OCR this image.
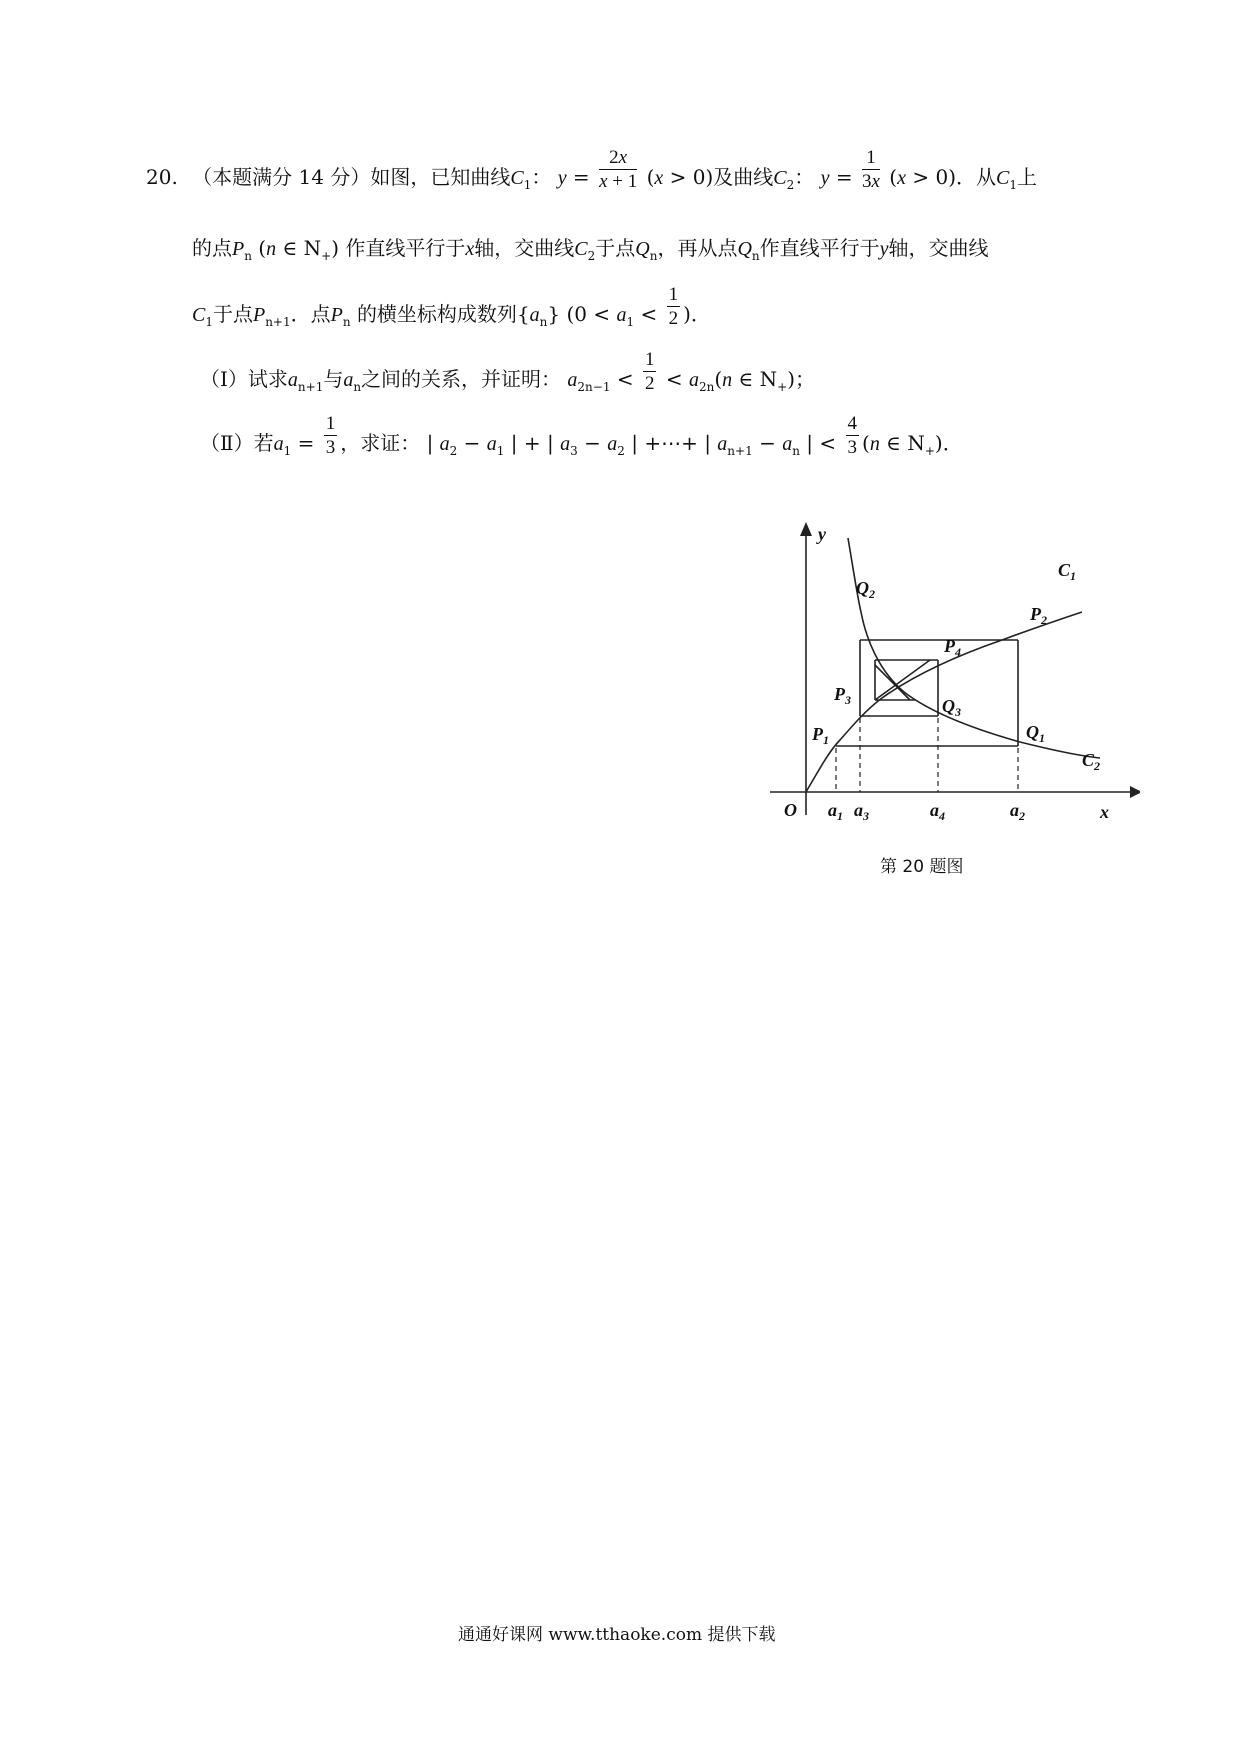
20. （本题满分 14 分）如图，已知曲线$C_1$： $y = \frac{2x}{x + 1} (x > 0)$及曲线$C_2$： $y = \frac{1}{3x} (x > 0)$．从$C_1$上
的点$P_n$ (n ∈ $N_+$) 作直线平行于x轴，交曲线$C_2$于点$Q_n$，再从点$Q_n$作直线平行于y轴，交曲线
$C_1$于点$P_{n+1}$．点$P_n$ 的横坐标构成数列$\{a_n\} (0 < a_1 < \frac{1}{2}$ )．
（Ⅰ）试求$a_{n+1}$与$a_n$之间的关系，并证明： $a_{2n-1} < \frac{1}{2} < a_{2n}(n$ ∈ $N_+$)；
（Ⅱ）若$a_1 = \frac{1}{3}$ ，求证： | $a_2 - a_1$ | + | $a_3 - a_2$ | +⋯+ | $a_{n+1} - a_n$ | < $\frac{4}{3} (n$ ∈ $N_+$)．
y
x
O
$C_1$
$C_2$
$P_1$
$P_2$
$P_3$
$P_4$
$Q_1$
$Q_2$
$Q_3$
$a_1$ $a_3$	$a_4$	$a_2$
第 20 题图
通通好课网 www.tthaoke.com 提供下载
